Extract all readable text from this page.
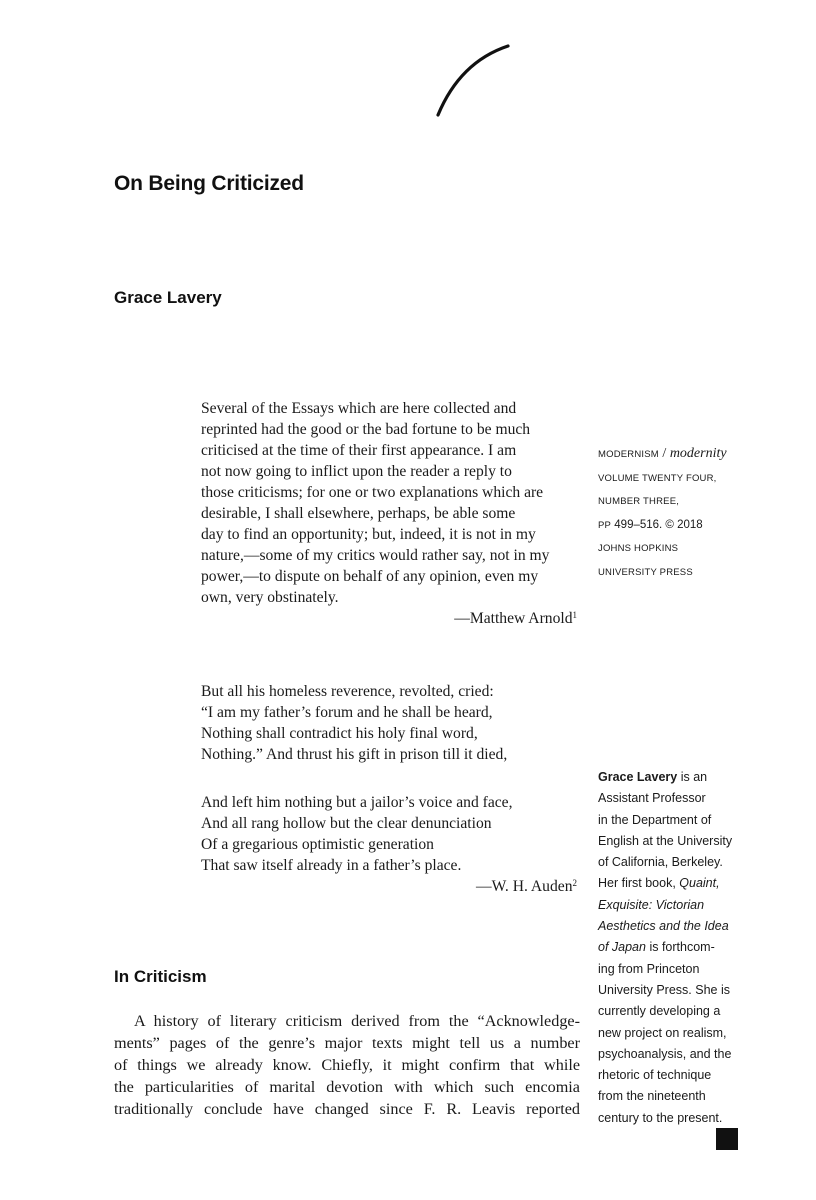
On Being Criticized
Grace Lavery
Several of the Essays which are here collected and
reprinted had the good or the bad fortune to be much
criticised at the time of their first appearance. I am
not now going to inflict upon the reader a reply to
those criticisms; for one or two explanations which are
desirable, I shall elsewhere, perhaps, be able some
day to find an opportunity; but, indeed, it is not in my
nature,—some of my critics would rather say, not in my
power,—to dispute on behalf of any opinion, even my
own, very obstinately.
—Matthew Arnold$^1$
But all his homeless reverence, revolted, cried:
“I am my father’s forum and he shall be heard,
Nothing shall contradict his holy final word,
Nothing.” And thrust his gift in prison till it died,
And left him nothing but a jailor’s voice and face,
And all rang hollow but the clear denunciation
Of a gregarious optimistic generation
That saw itself already in a father’s place.
—W. H. Auden$^2$
MODERNISM / modernity
VOLUME TWENTY FOUR,
NUMBER THREE,
PP 499–516. © 2018
JOHNS HOPKINS
UNIVERSITY PRESS
Grace Lavery is an
Assistant Professor
in the Department of
English at the University
of California, Berkeley.
Her first book, Quaint,
Exquisite: Victorian
Aesthetics and the Idea
of Japan is forthcom-
ing from Princeton
University Press. She is
currently developing a
new project on realism,
psychoanalysis, and the
rhetoric of technique
from the nineteenth
century to the present.
In Criticism
A history of literary criticism derived from the “Acknowledge-
ments” pages of the genre’s major texts might tell us a number
of things we already know. Chiefly, it might confirm that while
the particularities of marital devotion with which such encomia
traditionally conclude have changed since F. R. Leavis reported
